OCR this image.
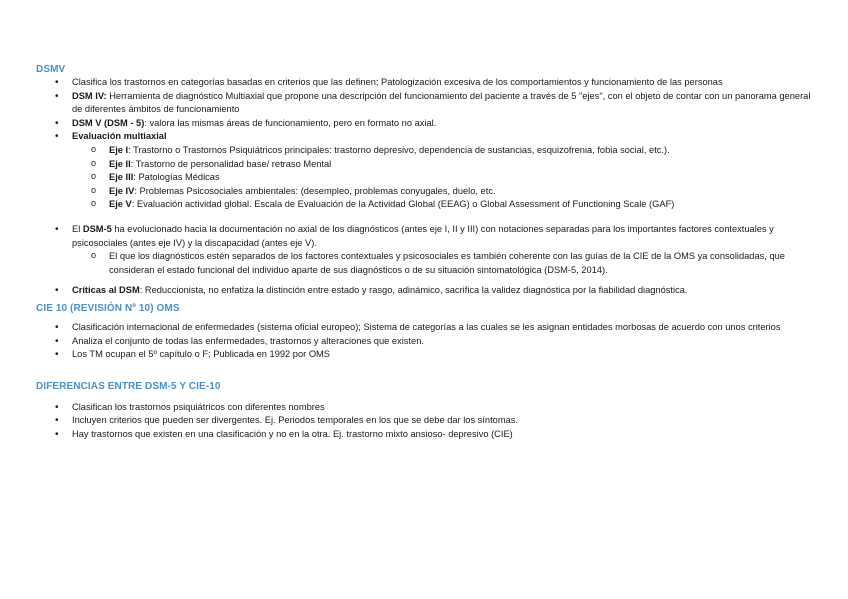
DSMV
• Clasifica los trastornos en categorías basadas en criterios que las definen; Patologización excesiva de los comportamientos y funcionamiento de las personas
• DSM IV: Herramienta de diagnóstico Multiaxial que propone una descripción del funcionamiento del paciente a través de 5 "ejes", con el objeto de contar con un panorama general de diferentes ámbitos de funcionamiento
• DSM V (DSM - 5): valora las mismas áreas de funcionamiento, pero en formato no axial.
• Evaluación multiaxial
o Eje I: Trastorno o Trastornos Psiquiátricos principales: trastorno depresivo, dependencia de sustancias, esquizofrenia, fobia social, etc.).
o Eje II: Trastorno de personalidad base/ retraso Mental
o Eje III: Patologías Médicas
o Eje IV: Problemas Psicosociales ambientales: (desempleo, problemas conyugales, duelo, etc.
o Eje V: Evaluación actividad global. Escala de Evaluación de la Actividad Global (EEAG) o Global Assessment of Functioning Scale (GAF)
• El DSM-5 ha evolucionado hacia la documentación no axial de los diagnósticos (antes eje I, II y III) con notaciones separadas para los importantes factores contextuales y psicosociales (antes eje IV) y la discapacidad (antes eje V).
o El que los diagnósticos estén separados de los factores contextuales y psicosociales es también coherente con las guías de la CIE de la OMS ya consolidadas, que consideran el estado funcional del individuo aparte de sus diagnósticos o de su situación sintomatológica (DSM-5, 2014).
• Críticas al DSM: Reduccionista, no enfatiza la distinción entre estado y rasgo, adinámico, sacrifica la validez diagnóstica por la fiabilidad diagnóstica.
CIE 10 (REVISIÓN Nº 10) OMS
• Clasificación internacional de enfermedades (sistema oficial europeo); Sistema de categorías a las cuales se les asignan entidades morbosas de acuerdo con unos criterios
• Analiza el conjunto de todas las enfermedades, trastornos y alteraciones que existen.
• Los TM ocupan el 5º capítulo o F; Publicada en 1992 por OMS
DIFERENCIAS ENTRE DSM-5 Y CIE-10
• Clasifican los trastornos psiquiátricos con diferentes nombres
• Incluyen criterios que pueden ser divergentes. Ej. Periodos temporales en los que se debe dar los síntomas.
• Hay trastornos que existen en una clasificación y no en la otra. Ej. trastorno mixto ansioso- depresivo (CIE)
